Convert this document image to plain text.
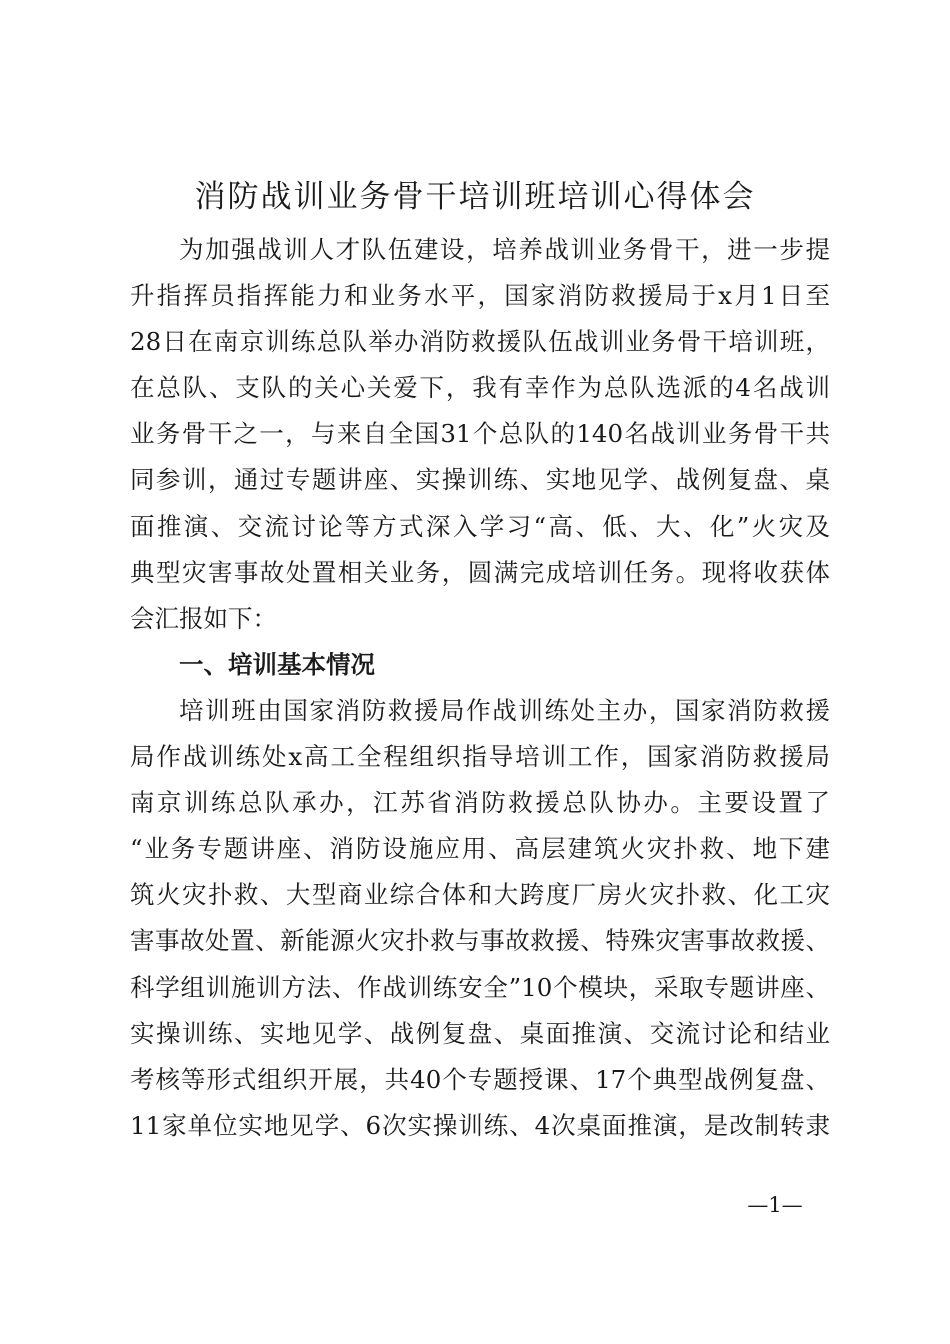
消防战训业务骨干培训班培训心得体会
为加强战训人才队伍建设，培养战训业务骨干，进一步提
升指挥员指挥能力和业务水平，国家消防救援局于x月1日至
28日在南京训练总队举办消防救援队伍战训业务骨干培训班，
在总队、支队的关心关爱下，我有幸作为总队选派的4名战训
业务骨干之一，与来自全国31个总队的140名战训业务骨干共
同参训，通过专题讲座、实操训练、实地见学、战例复盘、桌
面推演、交流讨论等方式深入学习“高、低、大、化”火灾及
典型灾害事故处置相关业务，圆满完成培训任务。现将收获体
会汇报如下：
一、培训基本情况
培训班由国家消防救援局作战训练处主办，国家消防救援
局作战训练处x高工全程组织指导培训工作，国家消防救援局
南京训练总队承办，江苏省消防救援总队协办。主要设置了
“业务专题讲座、消防设施应用、高层建筑火灾扑救、地下建
筑火灾扑救、大型商业综合体和大跨度厂房火灾扑救、化工灾
害事故处置、新能源火灾扑救与事故救援、特殊灾害事故救援、
科学组训施训方法、作战训练安全”10个模块，采取专题讲座、
实操训练、实地见学、战例复盘、桌面推演、交流讨论和结业
考核等形式组织开展，共40个专题授课、17个典型战例复盘、
11家单位实地见学、6次实操训练、4次桌面推演，是改制转隶
—1—
